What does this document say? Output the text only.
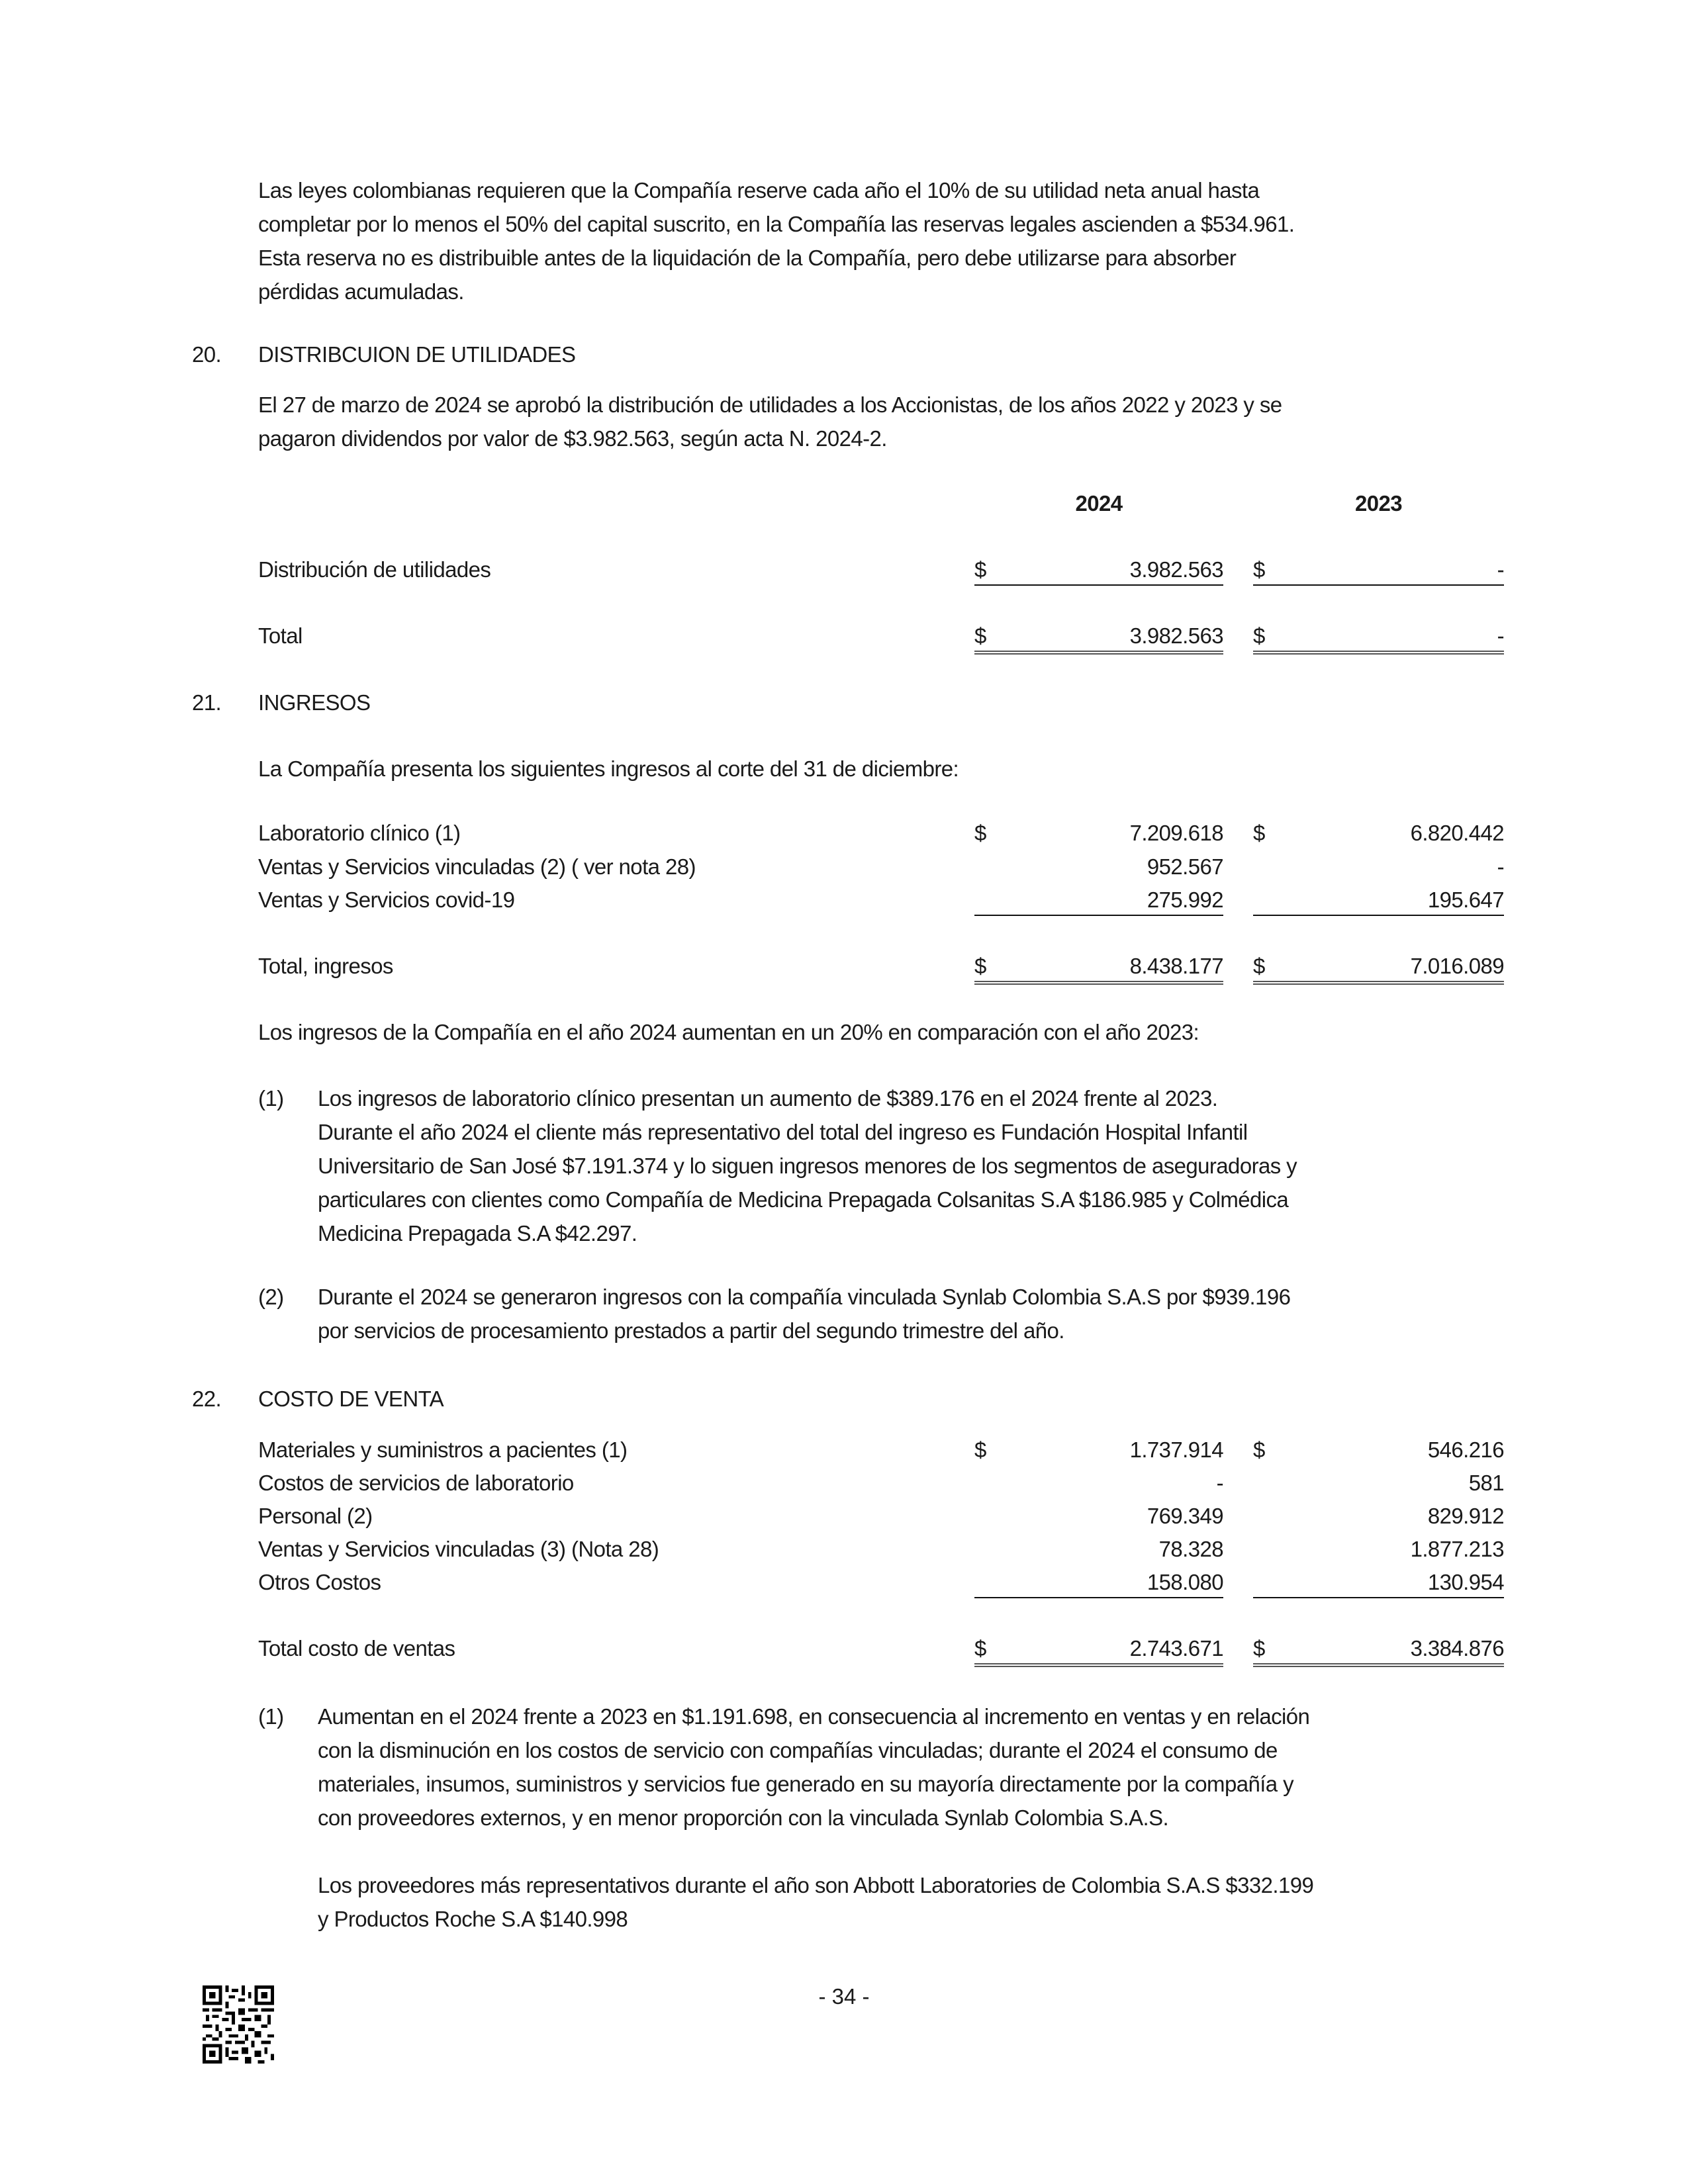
Las leyes colombianas requieren que la Compañía reserve cada año el 10% de su utilidad neta anual hasta
completar por lo menos el 50% del capital suscrito, en la Compañía las reservas legales ascienden a $534.961.
Esta reserva no es distribuible antes de la liquidación de la Compañía, pero debe utilizarse para absorber
pérdidas acumuladas.
20. DISTRIBCUION DE UTILIDADES
El 27 de marzo de 2024 se aprobó la distribución de utilidades a los Accionistas, de los años 2022 y 2023 y se
pagaron dividendos por valor de $3.982.563, según acta N. 2024-2.
2024	2023
Distribución de utilidades	$	3.982.563 $	-
Total	$	3.982.563 $	-
21. INGRESOS
La Compañía presenta los siguientes ingresos al corte del 31 de diciembre:
Laboratorio clínico (1)	$	7.209.618 $	6.820.442
Ventas y Servicios vinculadas (2) ( ver nota 28)	952.567	-
Ventas y Servicios covid-19	275.992	195.647
Total, ingresos	$	8.438.177 $	7.016.089
Los ingresos de la Compañía en el año 2024 aumentan en un 20% en comparación con el año 2023:
(1) Los ingresos de laboratorio clínico presentan un aumento de $389.176 en el 2024 frente al 2023.
Durante el año 2024 el cliente más representativo del total del ingreso es Fundación Hospital Infantil
Universitario de San José $7.191.374 y lo siguen ingresos menores de los segmentos de aseguradoras y
particulares con clientes como Compañía de Medicina Prepagada Colsanitas S.A $186.985 y Colmédica
Medicina Prepagada S.A $42.297.
(2) Durante el 2024 se generaron ingresos con la compañía vinculada Synlab Colombia S.A.S por $939.196
por servicios de procesamiento prestados a partir del segundo trimestre del año.
22. COSTO DE VENTA
Materiales y suministros a pacientes (1)	$	1.737.914 $	546.216
Costos de servicios de laboratorio	-	581
Personal (2)	769.349	829.912
Ventas y Servicios vinculadas (3) (Nota 28)	78.328	1.877.213
Otros Costos	158.080	130.954
Total costo de ventas	$	2.743.671 $	3.384.876
(1) Aumentan en el 2024 frente a 2023 en $1.191.698, en consecuencia al incremento en ventas y en relación
con la disminución en los costos de servicio con compañías vinculadas; durante el 2024 el consumo de
materiales, insumos, suministros y servicios fue generado en su mayoría directamente por la compañía y
con proveedores externos, y en menor proporción con la vinculada Synlab Colombia S.A.S.
Los proveedores más representativos durante el año son Abbott Laboratories de Colombia S.A.S $332.199
y Productos Roche S.A $140.998
- 34 -
